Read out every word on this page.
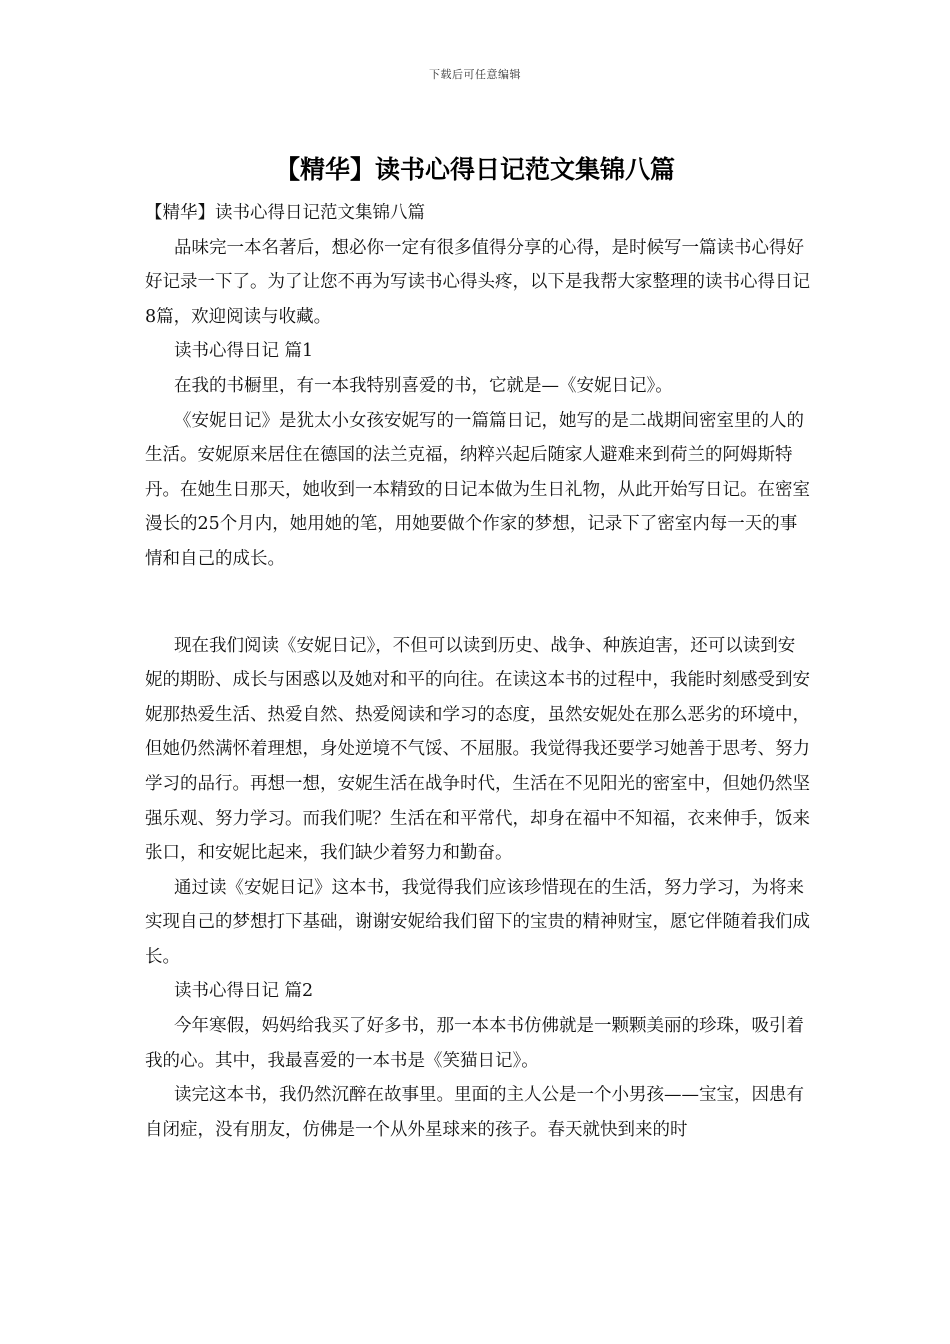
下载后可任意编辑
【精华】读书心得日记范文集锦八篇

【精华】读书心得日记范文集锦八篇

品味完一本名著后，想必你一定有很多值得分享的心得，是时候写一篇读书心得好好记录一下了。为了让您不再为写读书心得头疼，以下是我帮大家整理的读书心得日记8篇，欢迎阅读与收藏。

读书心得日记 篇1

在我的书橱里，有一本我特别喜爱的书，它就是—《安妮日记》。

《安妮日记》是犹太小女孩安妮写的一篇篇日记，她写的是二战期间密室里的人的生活。安妮原来居住在德国的法兰克福，纳粹兴起后随家人避难来到荷兰的阿姆斯特丹。在她生日那天，她收到一本精致的日记本做为生日礼物，从此开始写日记。在密室漫长的25个月内，她用她的笔，用她要做个作家的梦想，记录下了密室内每一天的事情和自己的成长。

现在我们阅读《安妮日记》，不但可以读到历史、战争、种族迫害，还可以读到安妮的期盼、成长与困惑以及她对和平的向往。在读这本书的过程中，我能时刻感受到安妮那热爱生活、热爱自然、热爱阅读和学习的态度，虽然安妮处在那么恶劣的环境中，但她仍然满怀着理想，身处逆境不气馁、不屈服。我觉得我还要学习她善于思考、努力学习的品行。再想一想，安妮生活在战争时代，生活在不见阳光的密室中，但她仍然坚强乐观、努力学习。而我们呢？生活在和平常代，却身在福中不知福，衣来伸手，饭来张口，和安妮比起来，我们缺少着努力和勤奋。

通过读《安妮日记》这本书，我觉得我们应该珍惜现在的生活，努力学习，为将来实现自己的梦想打下基础，谢谢安妮给我们留下的宝贵的精神财宝，愿它伴随着我们成长。

读书心得日记 篇2

今年寒假，妈妈给我买了好多书，那一本本书仿佛就是一颗颗美丽的珍珠，吸引着我的心。其中，我最喜爱的一本书是《笑猫日记》。

读完这本书，我仍然沉醉在故事里。里面的主人公是一个小男孩——宝宝，因患有自闭症，没有朋友，仿佛是一个从外星球来的孩子。春天就快到来的时
